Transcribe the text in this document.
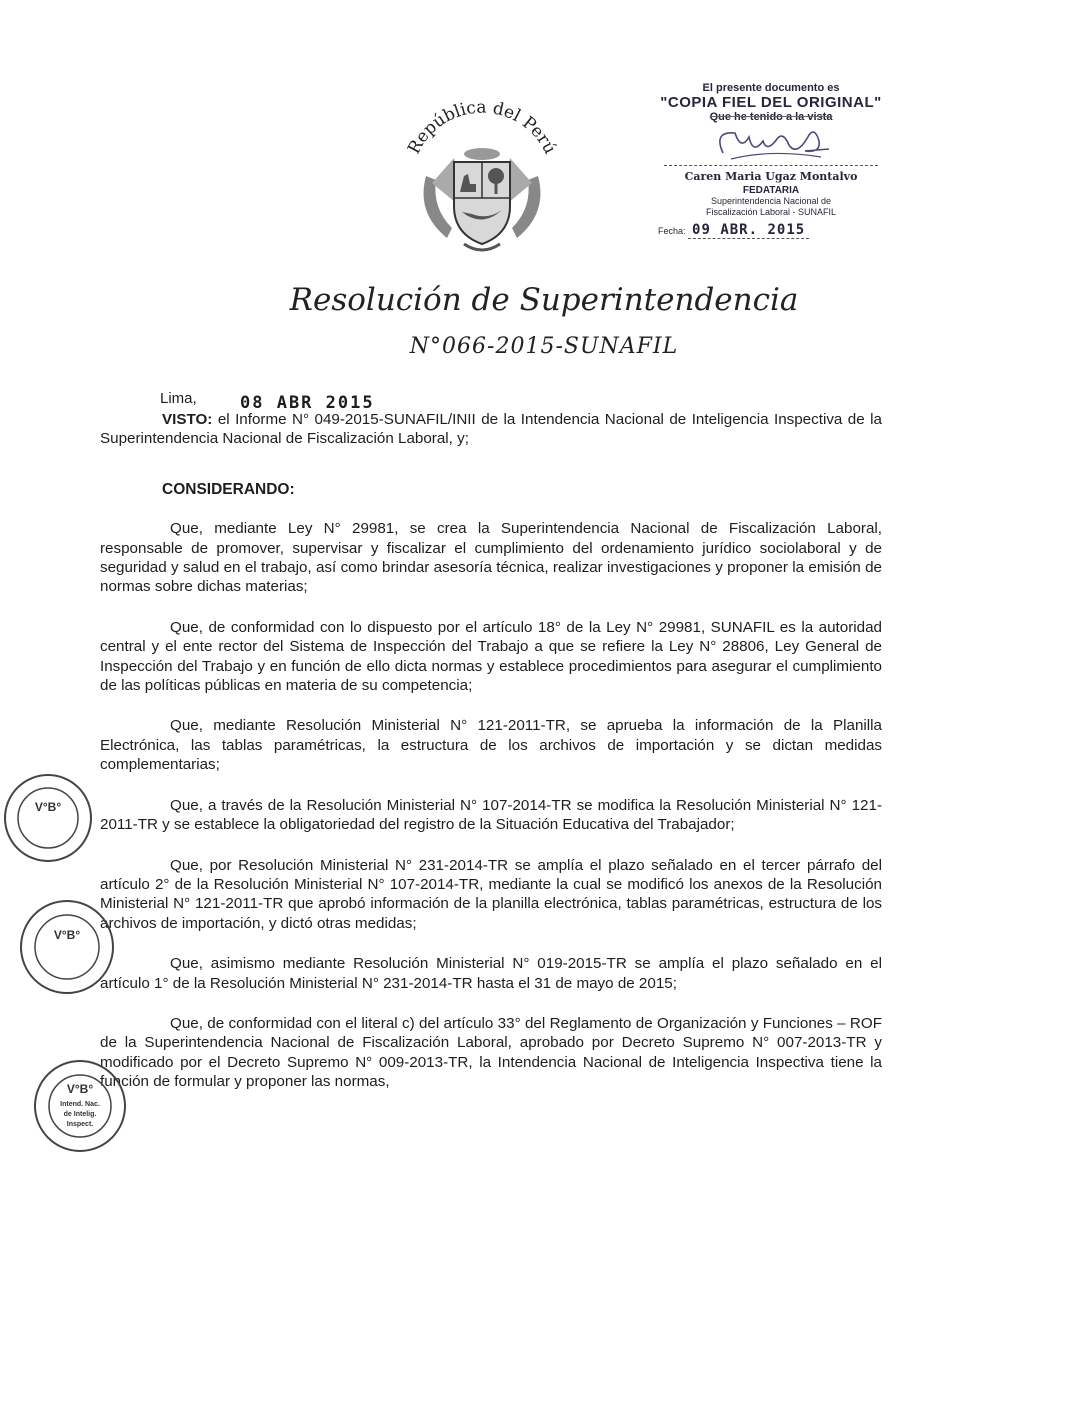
República del Perú
El presente documento es
"COPIA FIEL DEL ORIGINAL"
Que he tenido a la vista
Caren Maria Ugaz Montalvo
FEDATARIA
Superintendencia Nacional de
Fiscalización Laboral - SUNAFIL
Fecha: 09 ABR. 2015
Resolución de Superintendencia
N°066-2015-SUNAFIL
Lima,	08 ABR 2015

VISTO: el Informe N° 049-2015-SUNAFIL/INII de la Intendencia Nacional de Inteligencia Inspectiva de la Superintendencia Nacional de Fiscalización Laboral, y;

CONSIDERANDO:

Que, mediante Ley N° 29981, se crea la Superintendencia Nacional de Fiscalización Laboral, responsable de promover, supervisar y fiscalizar el cumplimiento del ordenamiento jurídico sociolaboral y de seguridad y salud en el trabajo, así como brindar asesoría técnica, realizar investigaciones y proponer la emisión de normas sobre dichas materias;

Que, de conformidad con lo dispuesto por el artículo 18° de la Ley N° 29981, SUNAFIL es la autoridad central y el ente rector del Sistema de Inspección del Trabajo a que se refiere la Ley N° 28806, Ley General de Inspección del Trabajo y en función de ello dicta normas y establece procedimientos para asegurar el cumplimiento de las políticas públicas en materia de su competencia;

Que, mediante Resolución Ministerial N° 121-2011-TR, se aprueba la información de la Planilla Electrónica, las tablas paramétricas, la estructura de los archivos de importación y se dictan medidas complementarias;

Que, a través de la Resolución Ministerial N° 107-2014-TR se modifica la Resolución Ministerial N° 121-2011-TR y se establece la obligatoriedad del registro de la Situación Educativa del Trabajador;

Que, por Resolución Ministerial N° 231-2014-TR se amplía el plazo señalado en el tercer párrafo del artículo 2° de la Resolución Ministerial N° 107-2014-TR, mediante la cual se modificó los anexos de la Resolución Ministerial N° 121-2011-TR que aprobó información de la planilla electrónica, tablas paramétricas, estructura de los archivos de importación, y dictó otras medidas;

Que, asimismo mediante Resolución Ministerial N° 019-2015-TR se amplía el plazo señalado en el artículo 1° de la Resolución Ministerial N° 231-2014-TR hasta el 31 de mayo de 2015;

Que, de conformidad con el literal c) del artículo 33° del Reglamento de Organización y Funciones – ROF de la Superintendencia Nacional de Fiscalización Laboral, aprobado por Decreto Supremo N° 007-2013-TR y modificado por el Decreto Supremo N° 009-2013-TR, la Intendencia Nacional de Inteligencia Inspectiva tiene la función de formular y proponer las normas,

V°B°
V°B°
V°B°
Intend. Nac. de Intelig. Inspect.
